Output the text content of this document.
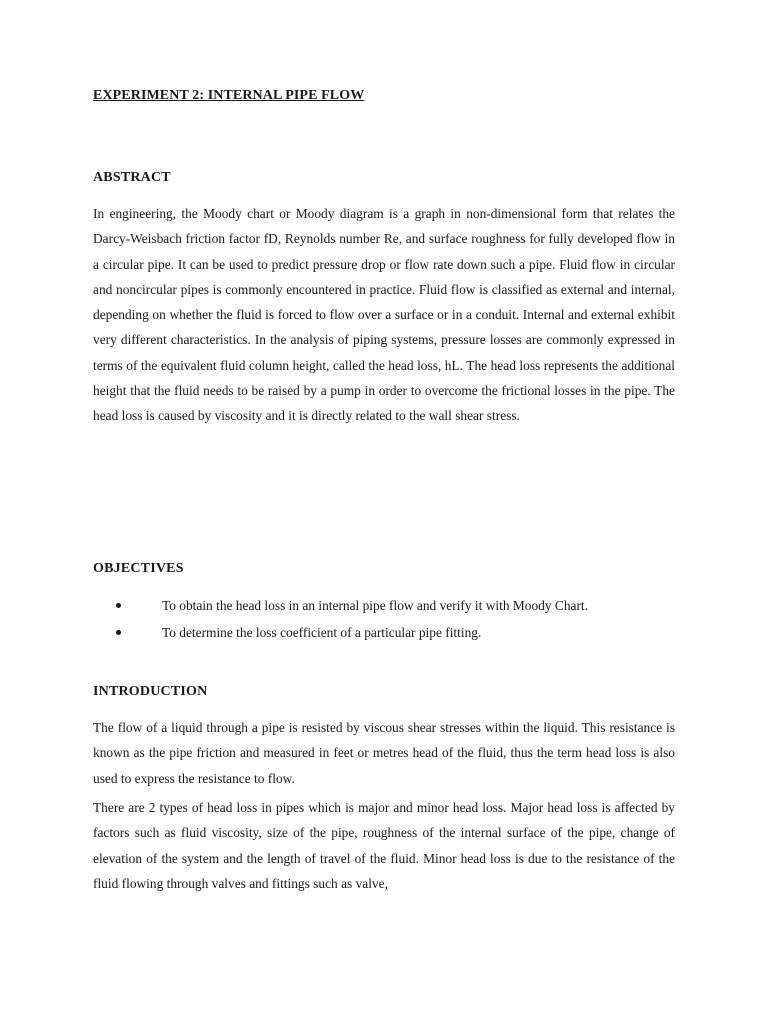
EXPERIMENT 2: INTERNAL PIPE FLOW
ABSTRACT

In engineering, the Moody chart or Moody diagram is a graph in non-dimensional form that relates the Darcy-Weisbach friction factor fD, Reynolds number Re, and surface roughness for fully developed flow in a circular pipe. It can be used to predict pressure drop or flow rate down such a pipe. Fluid flow in circular and noncircular pipes is commonly encountered in practice. Fluid flow is classified as external and internal, depending on whether the fluid is forced to flow over a surface or in a conduit. Internal and external exhibit very different characteristics. In the analysis of piping systems, pressure losses are commonly expressed in terms of the equivalent fluid column height, called the head loss, hL. The head loss represents the additional height that the fluid needs to be raised by a pump in order to overcome the frictional losses in the pipe. The head loss is caused by viscosity and it is directly related to the wall shear stress.

OBJECTIVES
To obtain the head loss in an internal pipe flow and verify it with Moody Chart.
To determine the loss coefficient of a particular pipe fitting.
INTRODUCTION

The flow of a liquid through a pipe is resisted by viscous shear stresses within the liquid. This resistance is known as the pipe friction and measured in feet or metres head of the fluid, thus the term head loss is also used to express the resistance to flow.

There are 2 types of head loss in pipes which is major and minor head loss. Major head loss is affected by factors such as fluid viscosity, size of the pipe, roughness of the internal surface of the pipe, change of elevation of the system and the length of travel of the fluid. Minor head loss is due to the resistance of the fluid flowing through valves and fittings such as valve,
